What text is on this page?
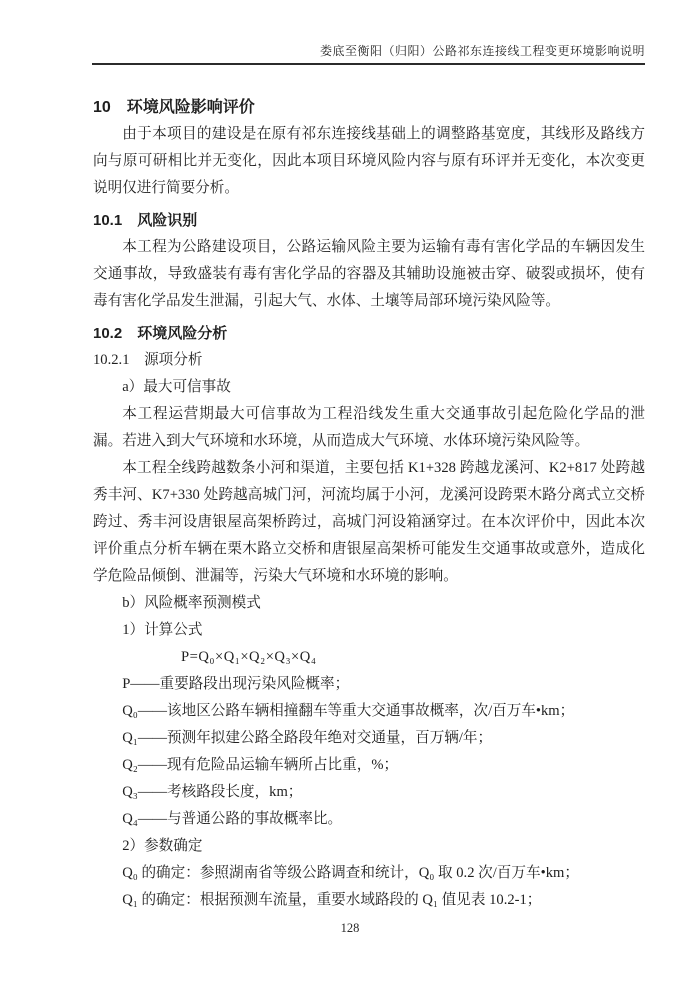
娄底至衡阳（归阳）公路祁东连接线工程变更环境影响说明
10　环境风险影响评价

由于本项目的建设是在原有祁东连接线基础上的调整路基宽度，其线形及路线方向与原可研相比并无变化，因此本项目环境风险内容与原有环评并无变化，本次变更说明仅进行简要分析。

10.1　风险识别

本工程为公路建设项目，公路运输风险主要为运输有毒有害化学品的车辆因发生交通事故，导致盛装有毒有害化学品的容器及其辅助设施被击穿、破裂或损坏，使有毒有害化学品发生泄漏，引起大气、水体、土壤等局部环境污染风险等。

10.2　环境风险分析
10.2.1　源项分析

a）最大可信事故

本工程运营期最大可信事故为工程沿线发生重大交通事故引起危险化学品的泄漏。若进入到大气环境和水环境，从而造成大气环境、水体环境污染风险等。

本工程全线跨越数条小河和渠道，主要包括 K1+328 跨越龙溪河、K2+817 处跨越秀丰河、K7+330 处跨越高城门河，河流均属于小河，龙溪河设跨栗木路分离式立交桥跨过、秀丰河设唐银屋高架桥跨过，高城门河设箱涵穿过。在本次评价中，因此本次评价重点分析车辆在栗木路立交桥和唐银屋高架桥可能发生交通事故或意外，造成化学危险品倾倒、泄漏等，污染大气环境和水环境的影响。

b）风险概率预测模式

1）计算公式

P=Q₀×Q₁×Q₂×Q₃×Q₄

P——重要路段出现污染风险概率；

Q₀——该地区公路车辆相撞翻车等重大交通事故概率，次/百万车•km；

Q₁——预测年拟建公路全路段年绝对交通量，百万辆/年；

Q₂——现有危险品运输车辆所占比重，%；

Q₃——考核路段长度，km；

Q₄——与普通公路的事故概率比。

2）参数确定

Q₀ 的确定：参照湖南省等级公路调查和统计，Q₀ 取 0.2 次/百万车•km；

Q₁ 的确定：根据预测车流量，重要水域路段的 Q₁ 值见表 10.2-1；

128
